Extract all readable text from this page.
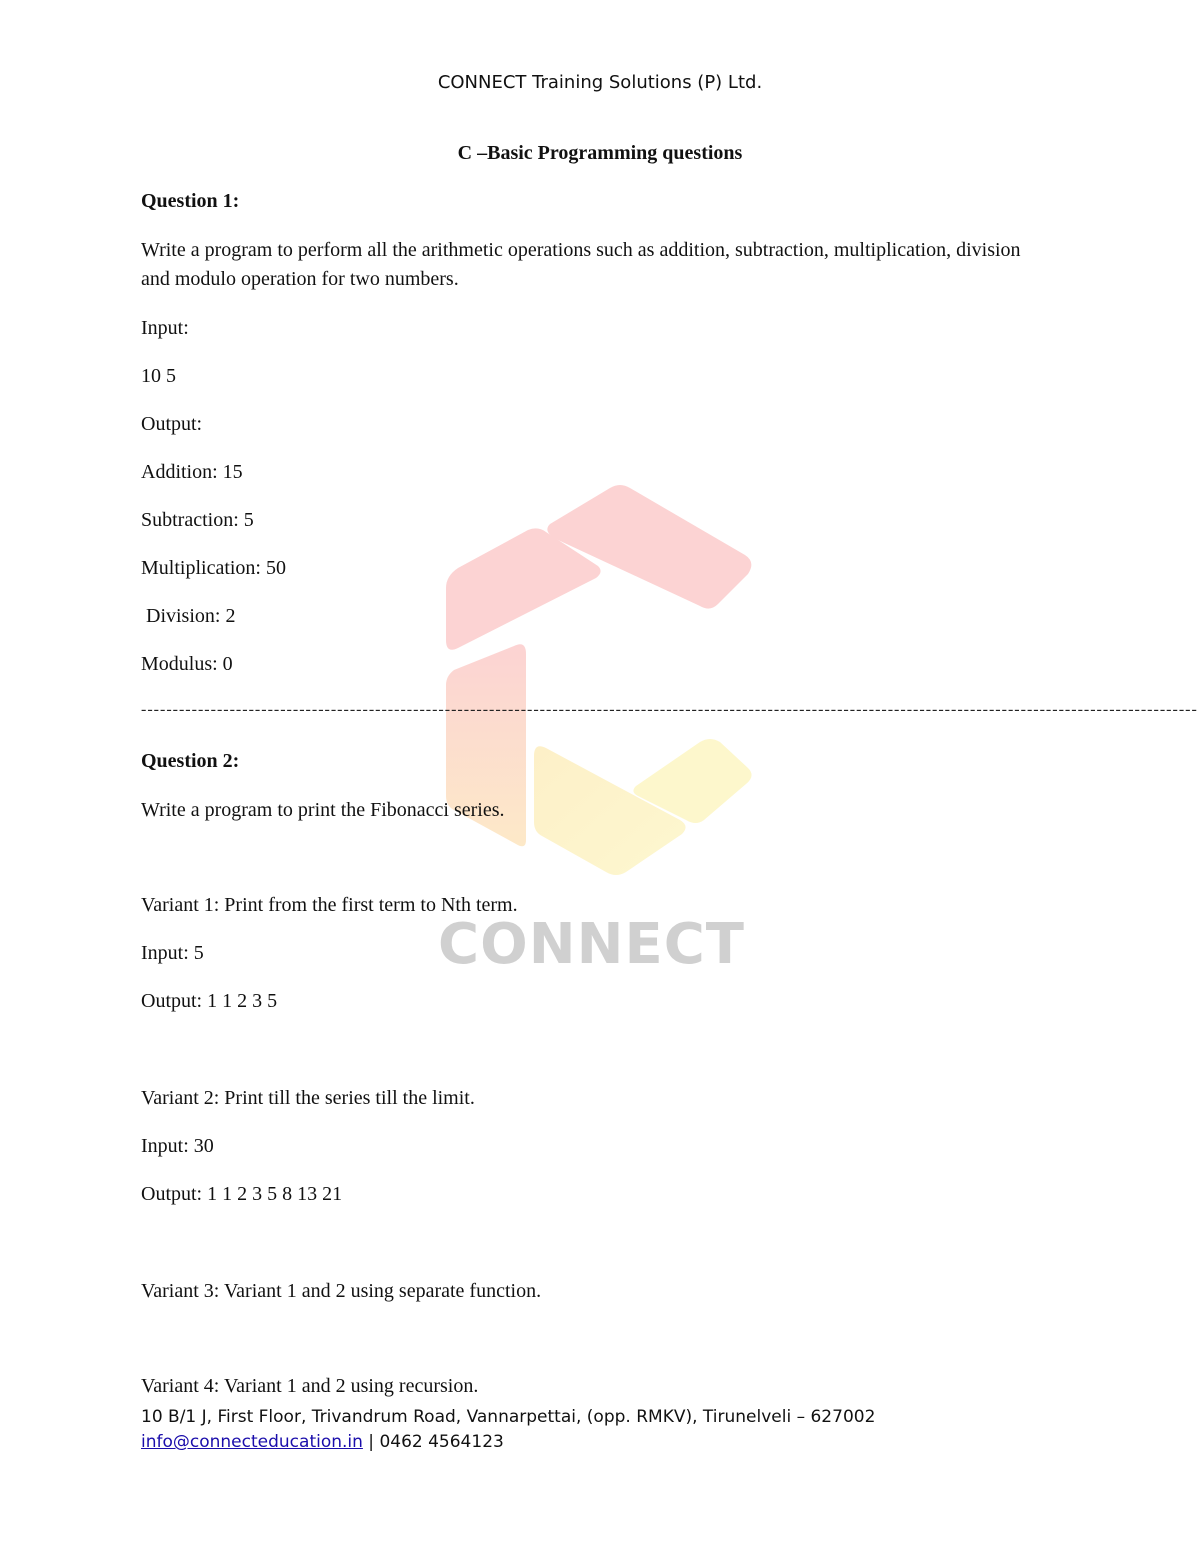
CONNECT
CONNECT Training Solutions (P) Ltd.
C –Basic Programming questions
Question 1:
Write a program to perform all the arithmetic operations such as addition, subtraction, multiplication, division and modulo operation for two numbers.
Input:
10 5
Output:
Addition: 15
Subtraction: 5
Multiplication: 50
Division: 2
Modulus: 0
-----------------------------------------------------------------------------------------------------------------------------------------------------------------------
Question 2:
Write a program to print the Fibonacci series.
Variant 1: Print from the first term to Nth term.
Input: 5
Output: 1 1 2 3 5
Variant 2: Print till the series till the limit.
Input: 30
Output: 1 1 2 3 5 8 13 21
Variant 3: Variant 1 and 2 using separate function.
Variant 4: Variant 1 and 2 using recursion.
10 B/1 J, First Floor, Trivandrum Road, Vannarpettai, (opp. RMKV), Tirunelveli – 627002
info@connecteducation.in | 0462 4564123
